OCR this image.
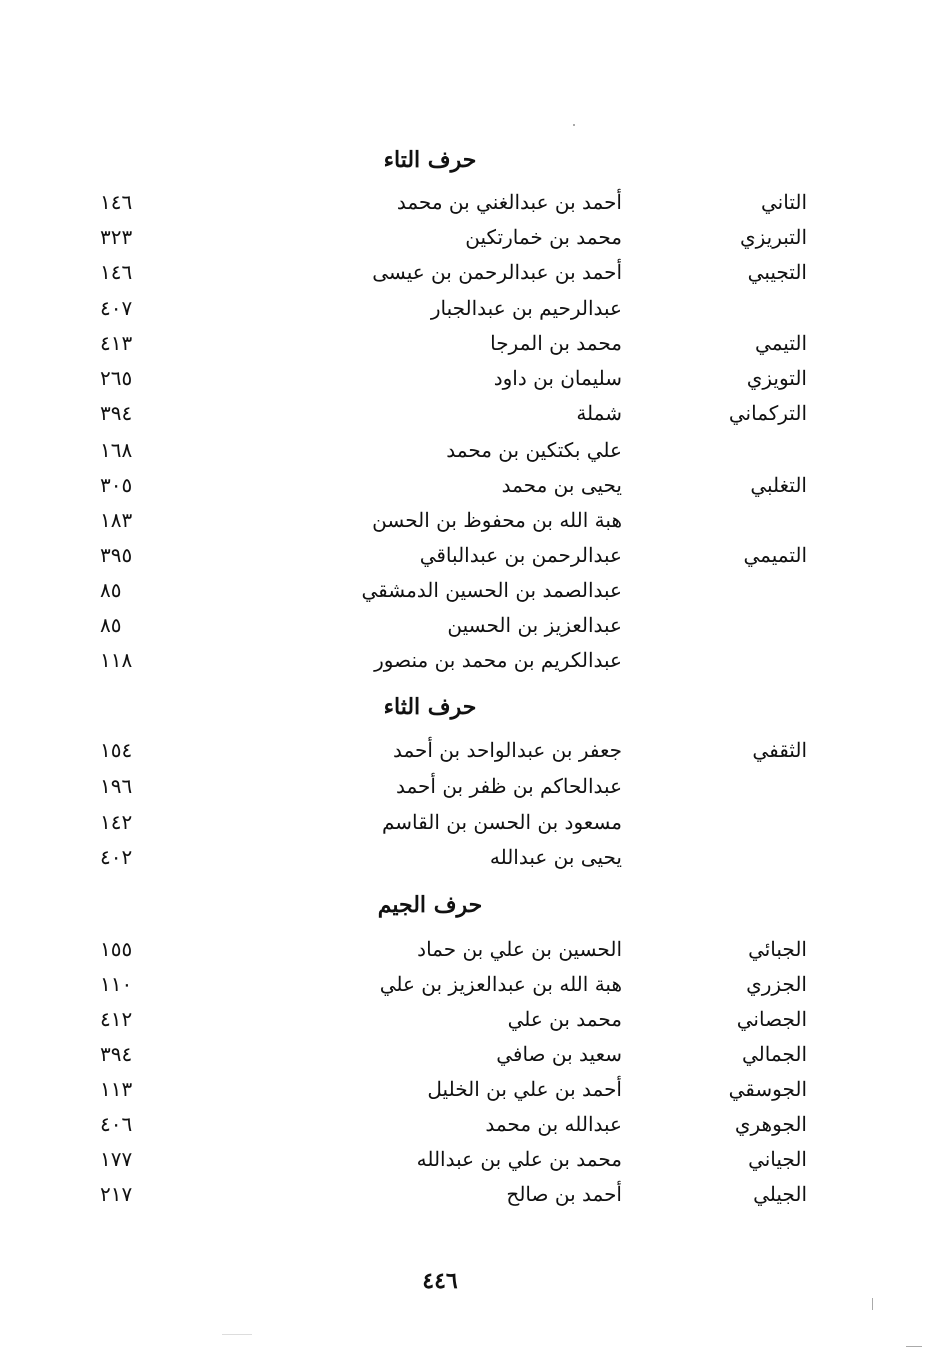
حرف التاء
التاني
أحمد بن عبدالغني بن محمد
١٤٦
التبريزي
محمد بن خمارتكين
٣٢٣
التجيبي
أحمد بن عبدالرحمن بن عيسى
١٤٦
عبدالرحيم بن عبدالجبار
٤٠٧
التيمي
محمد بن المرجا
٤١٣
التويزي
سليمان بن داود
٢٦٥
التركماني
شملة
٣٩٤
علي بكتكين بن محمد
١٦٨
التغلبي
يحيى بن محمد
٣٠٥
هبة الله بن محفوظ بن الحسن
١٨٣
التميمي
عبدالرحمن بن عبدالباقي
٣٩٥
عبدالصمد بن الحسين الدمشقي
٨٥
عبدالعزيز بن الحسين
٨٥
عبدالكريم بن محمد بن منصور
١١٨
حرف الثاء
الثقفي
جعفر بن عبدالواحد بن أحمد
١٥٤
عبدالحاكم بن ظفر بن أحمد
١٩٦
مسعود بن الحسن بن القاسم
١٤٢
يحيى بن عبدالله
٤٠٢
حرف الجيم
الجبائي
الحسين بن علي بن حماد
١٥٥
الجزري
هبة الله بن عبدالعزيز بن علي
١١٠
الجصاني
محمد بن علي
٤١٢
الجمالي
سعيد بن صافي
٣٩٤
الجوسقي
أحمد بن علي بن الخليل
١١٣
الجوهري
عبدالله بن محمد
٤٠٦
الجياني
محمد بن علي بن عبدالله
١٧٧
الجيلي
أحمد بن صالح
٢١٧
٤٤٦
